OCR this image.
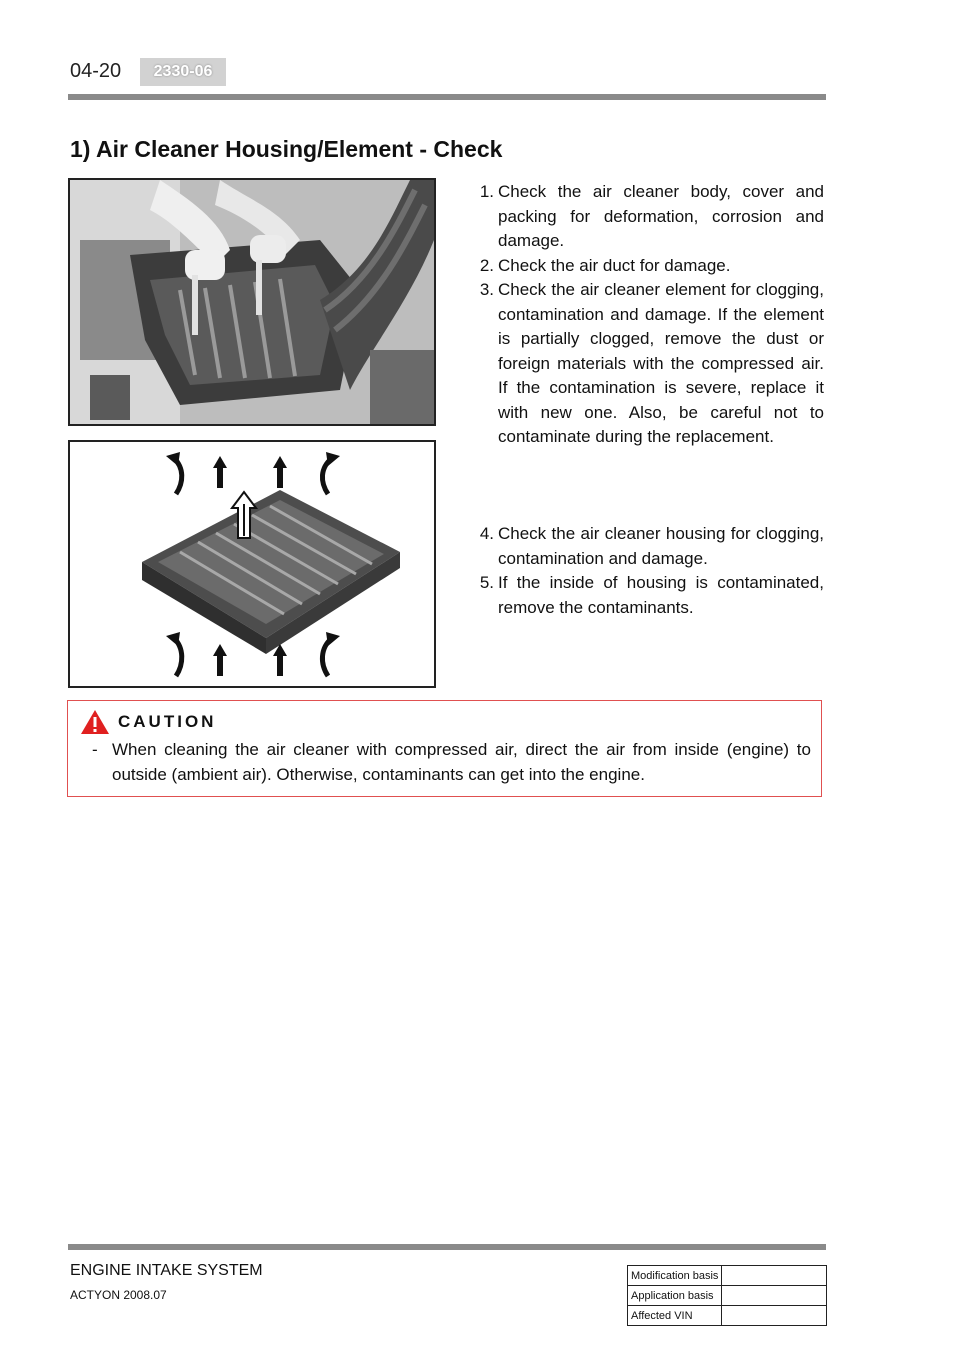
04-20	2330-06
1) Air Cleaner Housing/Element - Check
1. Check the air cleaner body, cover and packing for deformation, corrosion and damage.
2. Check the air duct for damage.
3. Check the air cleaner element for clogging, contamination and damage. If the element is partially clogged, remove the dust or foreign materials with the compressed air. If the contamination is severe, replace it with new one. Also, be careful not to contaminate during the replacement.
4. Check the air cleaner housing for clogging, contamination and damage.
5. If the inside of housing is contaminated, remove the contaminants.
CAUTION
- When cleaning the air cleaner with compressed air, direct the air from inside (engine) to outside (ambient air). Otherwise, contaminants can get into the engine.
ENGINE INTAKE SYSTEM
ACTYON 2008.07
Modification basis	
Application basis	
Affected VIN	
